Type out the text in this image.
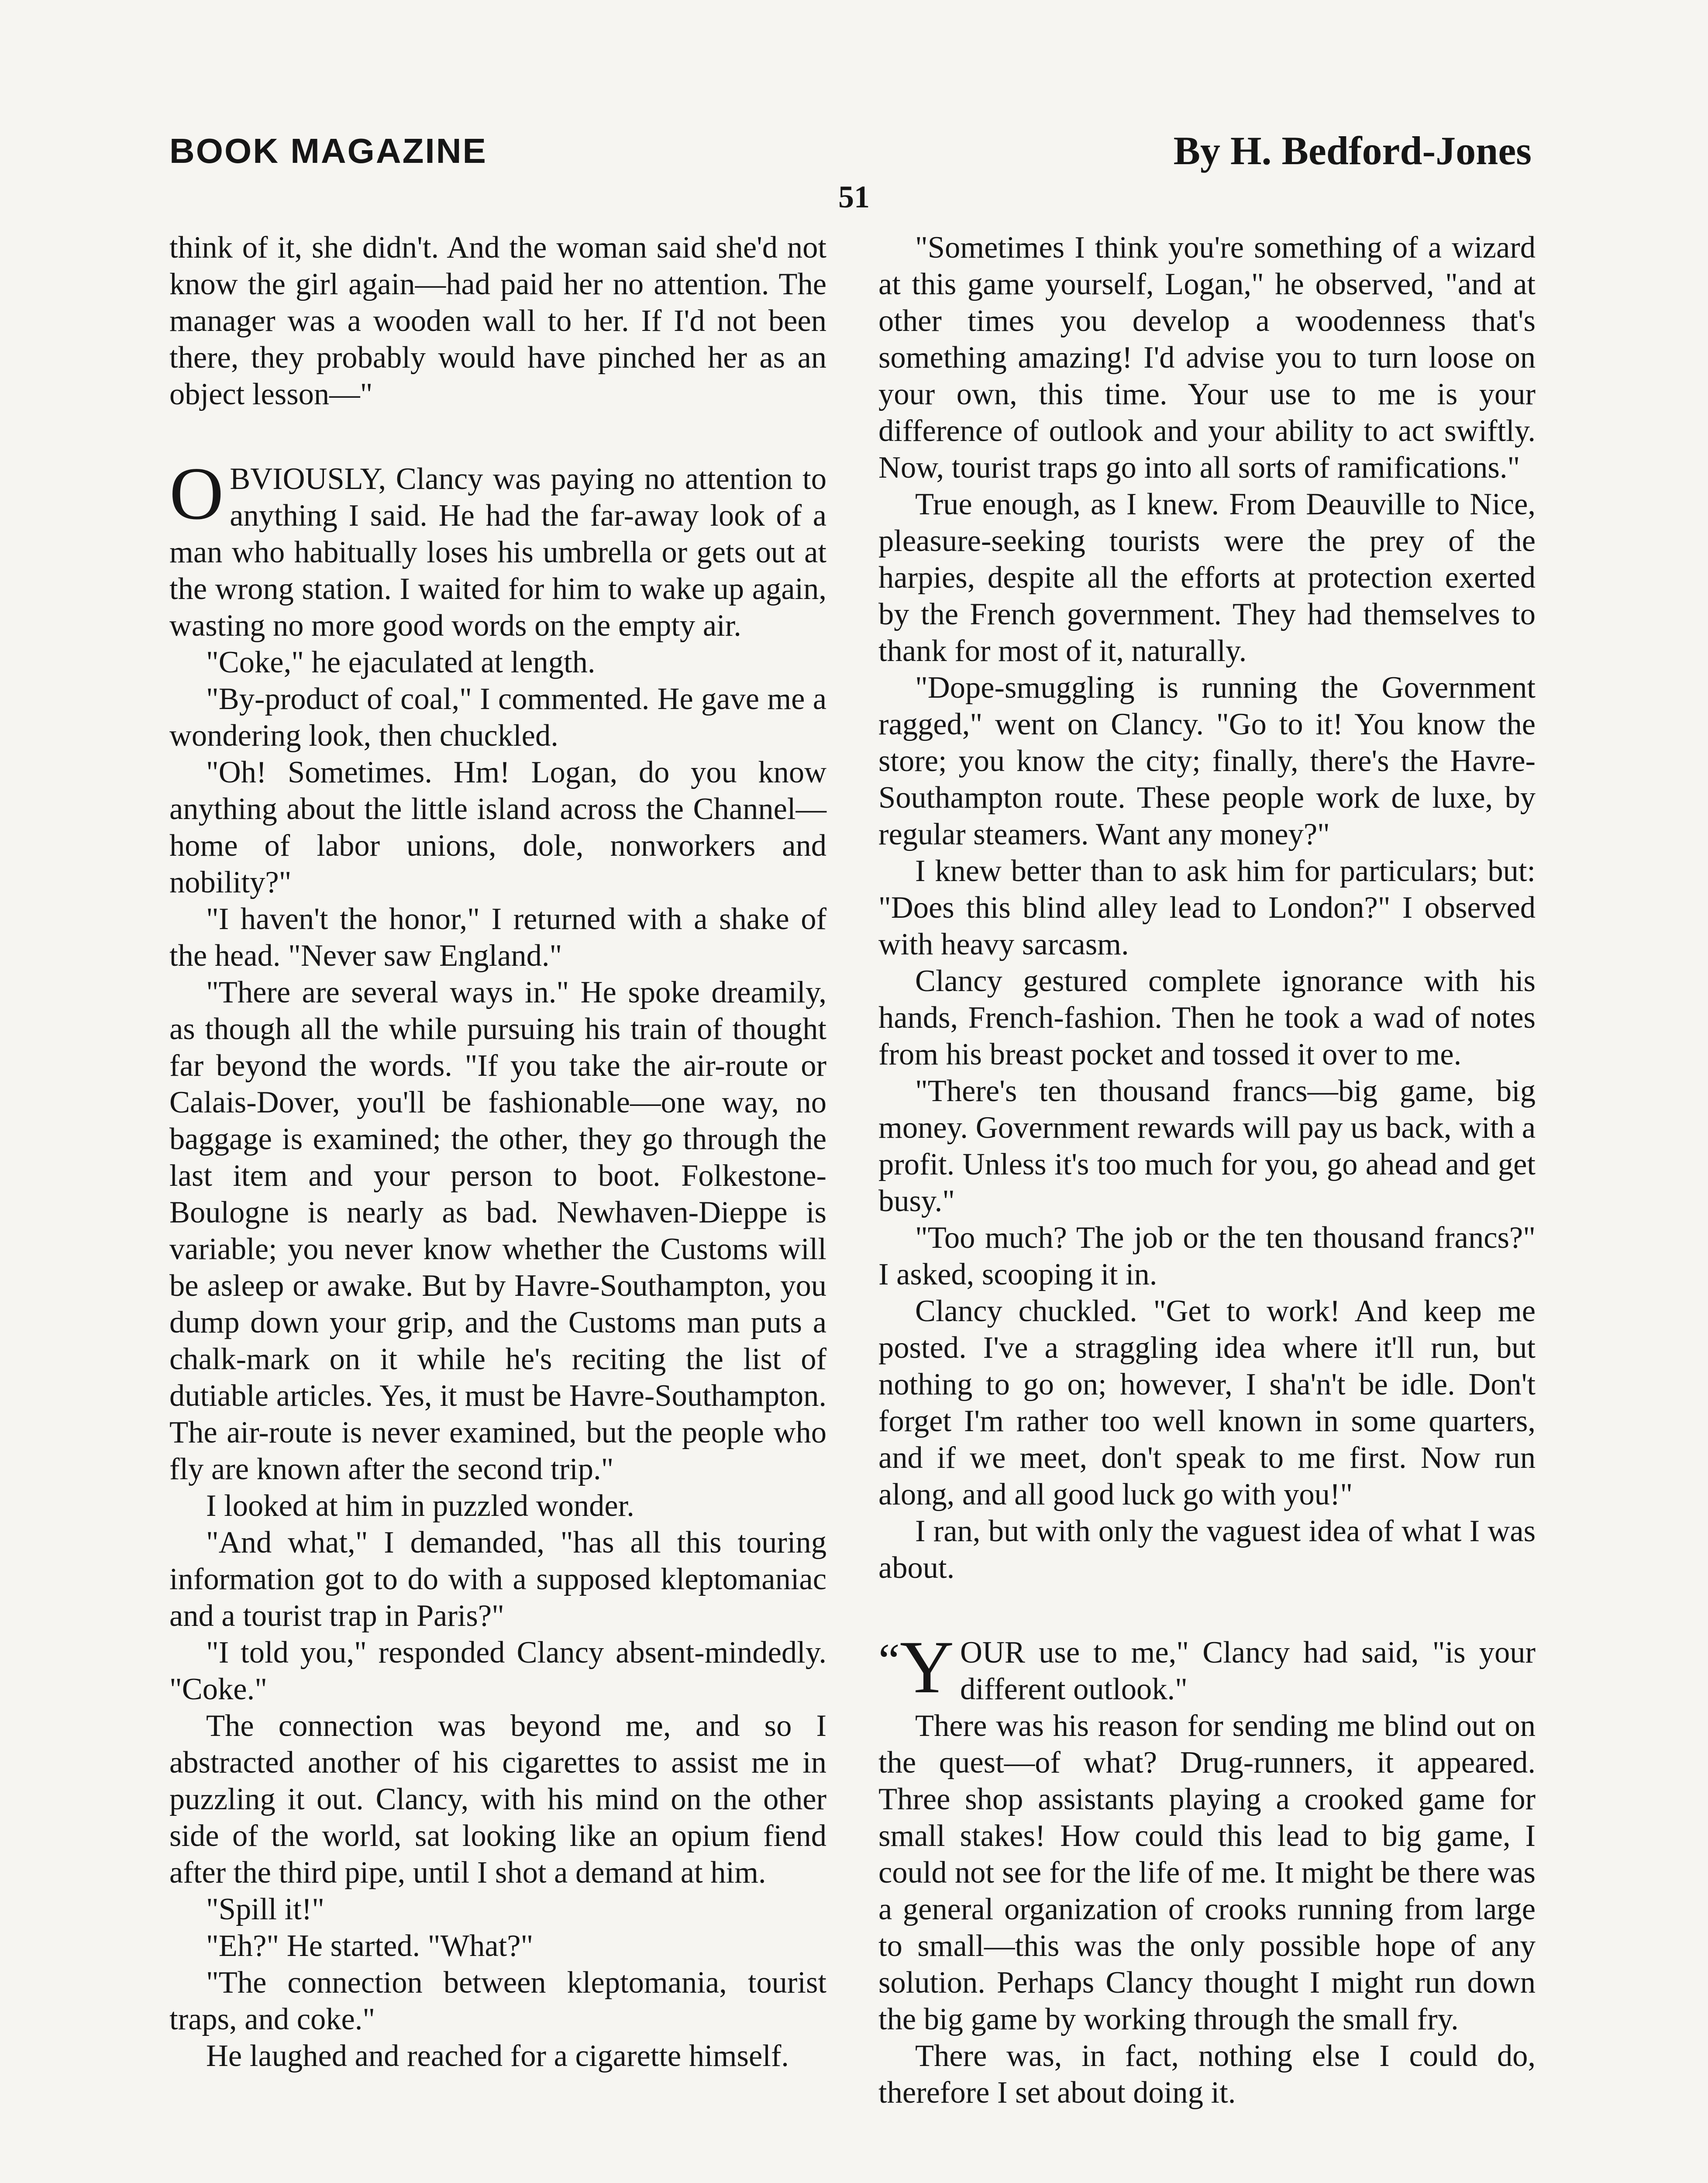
BOOK MAGAZINE	By H. Bedford-Jones
51

think of it, she didn't. And the woman said she'd not know the girl again—had paid her no attention. The manager was a wooden wall to her. If I'd not been there, they probably would have pinched her as an object lesson—"

OBVIOUSLY, Clancy was paying no attention to anything I said. He had the far-away look of a man who habitually loses his umbrella or gets out at the wrong station. I waited for him to wake up again, wasting no more good words on the empty air.

"Coke," he ejaculated at length.

"By-product of coal," I commented. He gave me a wondering look, then chuckled.

"Oh! Sometimes. Hm! Logan, do you know anything about the little island across the Channel—home of labor unions, dole, nonworkers and nobility?"

"I haven't the honor," I returned with a shake of the head. "Never saw England."

"There are several ways in." He spoke dreamily, as though all the while pursuing his train of thought far beyond the words. "If you take the air-route or Calais-Dover, you'll be fashionable—one way, no baggage is examined; the other, they go through the last item and your person to boot. Folkestone-Boulogne is nearly as bad. Newhaven-Dieppe is variable; you never know whether the Customs will be asleep or awake. But by Havre-Southampton, you dump down your grip, and the Customs man puts a chalk-mark on it while he's reciting the list of dutiable articles. Yes, it must be Havre-Southampton. The air-route is never examined, but the people who fly are known after the second trip."

I looked at him in puzzled wonder.

"And what," I demanded, "has all this touring information got to do with a supposed kleptomaniac and a tourist trap in Paris?"

"I told you," responded Clancy absent-mindedly. "Coke."

The connection was beyond me, and so I abstracted another of his cigarettes to assist me in puzzling it out. Clancy, with his mind on the other side of the world, sat looking like an opium fiend after the third pipe, until I shot a demand at him.

"Spill it!"

"Eh?" He started. "What?"

"The connection between kleptomania, tourist traps, and coke."

He laughed and reached for a cigarette himself.

"Sometimes I think you're something of a wizard at this game yourself, Logan," he observed, "and at other times you develop a woodenness that's something amazing! I'd advise you to turn loose on your own, this time. Your use to me is your difference of outlook and your ability to act swiftly. Now, tourist traps go into all sorts of ramifications."

True enough, as I knew. From Deauville to Nice, pleasure-seeking tourists were the prey of the harpies, despite all the efforts at protection exerted by the French government. They had themselves to thank for most of it, naturally.

"Dope-smuggling is running the Government ragged," went on Clancy. "Go to it! You know the store; you know the city; finally, there's the Havre-Southampton route. These people work de luxe, by regular steamers. Want any money?"

I knew better than to ask him for particulars; but: "Does this blind alley lead to London?" I observed with heavy sarcasm.

Clancy gestured complete ignorance with his hands, French-fashion. Then he took a wad of notes from his breast pocket and tossed it over to me.

"There's ten thousand francs—big game, big money. Government rewards will pay us back, with a profit. Unless it's too much for you, go ahead and get busy."

"Too much? The job or the ten thousand francs?" I asked, scooping it in.

Clancy chuckled. "Get to work! And keep me posted. I've a straggling idea where it'll run, but nothing to go on; however, I sha'n't be idle. Don't forget I'm rather too well known in some quarters, and if we meet, don't speak to me first. Now run along, and all good luck go with you!"

I ran, but with only the vaguest idea of what I was about.

“ Y OUR use to me," Clancy had said, "is your different outlook."

There was his reason for sending me blind out on the quest—of what? Drug-runners, it appeared. Three shop assistants playing a crooked game for small stakes! How could this lead to big game, I could not see for the life of me. It might be there was a general organization of crooks running from large to small—this was the only possible hope of any solution. Perhaps Clancy thought I might run down the big game by working through the small fry.

There was, in fact, nothing else I could do, therefore I set about doing it.
